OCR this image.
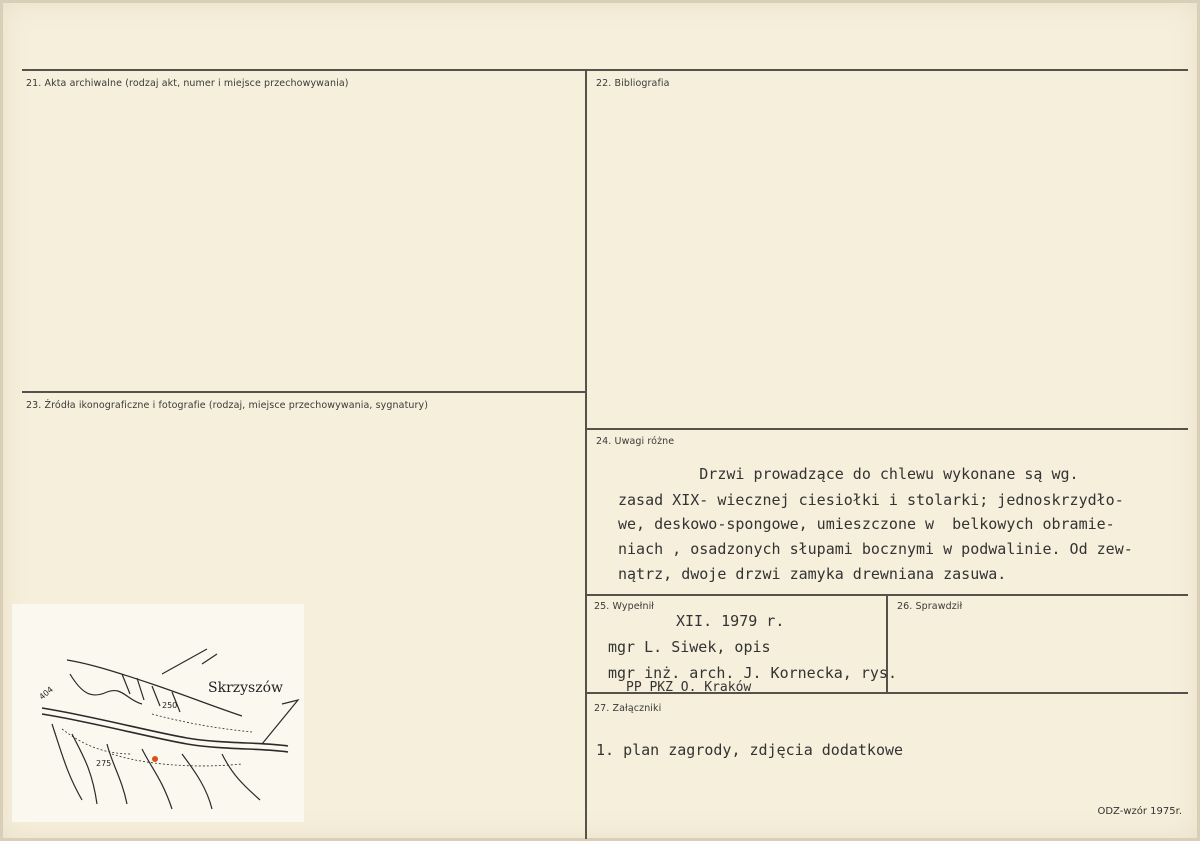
21. Akta archiwalne (rodzaj akt, numer i miejsce przechowywania)	22. Bibliografia
23. Źródła ikonograficzne i fotografie (rodzaj, miejsce przechowywania, sygnatury)
24. Uwagi różne
25. Wypełnił	26. Sprawdził
27. Załączniki
Drzwi prowadzące do chlewu wykonane są wg.
zasad XIX- wiecznej ciesiołki i stolarki; jednoskrzydło-
we, deskowo-spongowe, umieszczone w  belkowych obramie-
niach , osadzonych słupami bocznymi w podwalinie. Od zew-
nątrz, dwoje drzwi zamyka drewniana zasuwa.
XII. 1979 r.
mgr L. Siwek, opis
mgr inż. arch. J. Kornecka, rys.
PP PKZ O. Kraków
1. plan zagrody, zdjęcia dodatkowe
Skrzyszów
250
275
404
ODZ-wzór 1975r.
